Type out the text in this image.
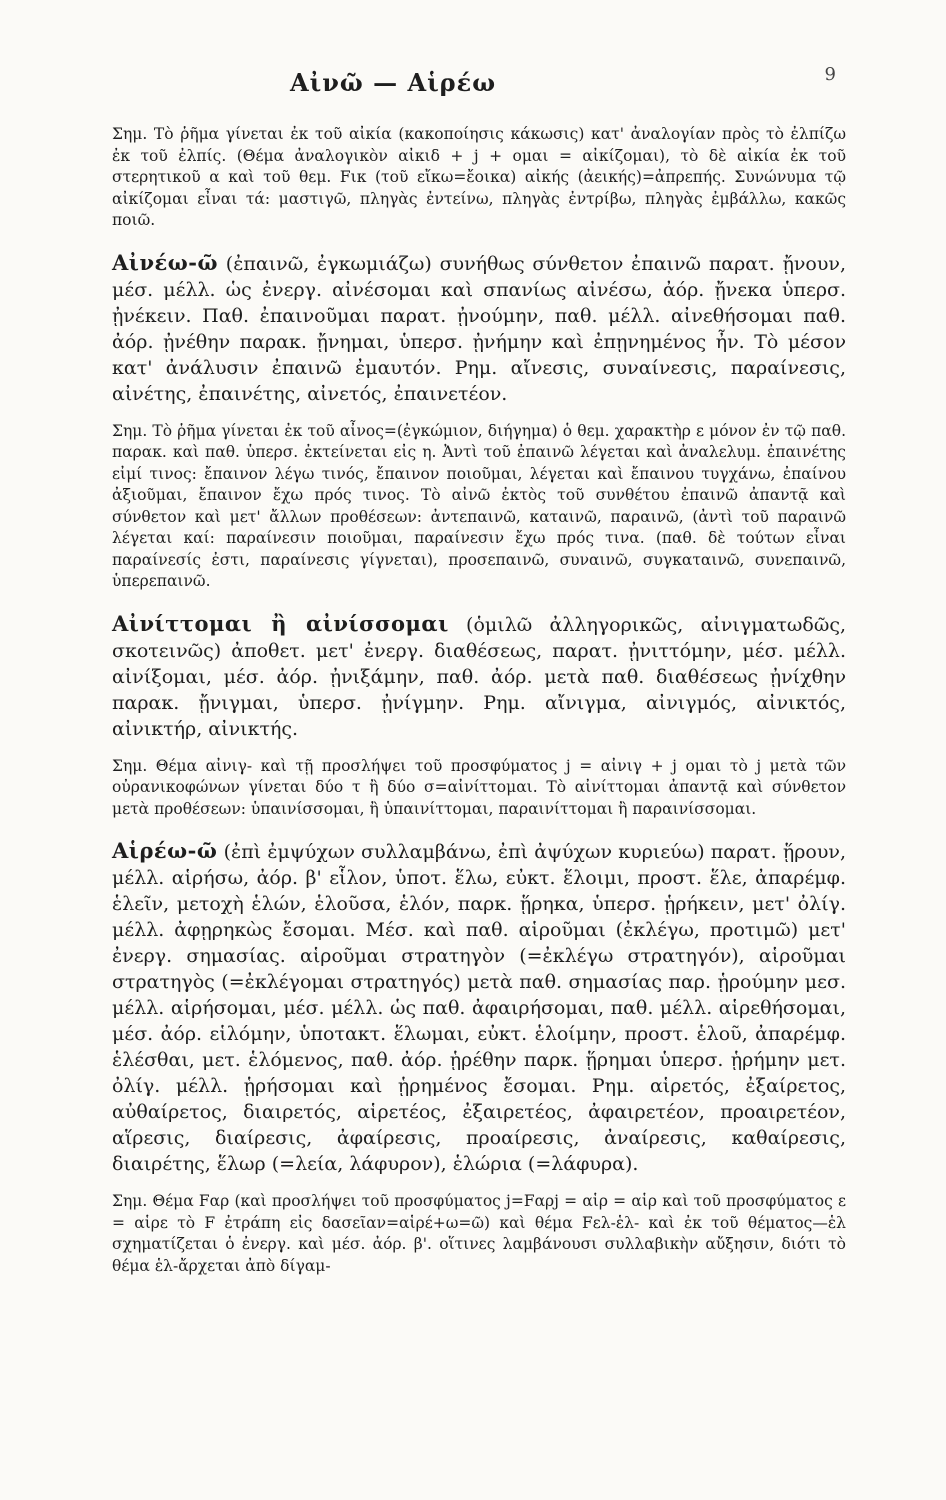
Αἰνῶ — Αἱρέω	9

Σημ. Τὸ ῥῆμα γίνεται ἐκ τοῦ αἰκία (κακοποίησις κάκωσις) κατ' ἀναλογίαν πρὸς τὸ ἐλπίζω ἐκ τοῦ ἐλπίς. (Θέμα ἀναλογικὸν αἰκιδ + j + ομαι = αἰκίζομαι), τὸ δὲ αἰκία ἐκ τοῦ στερητικοῦ α καὶ τοῦ θεμ. Fικ (τοῦ εἴκω=ἔοικα) αἰκής (ἀεικής)=ἀπρεπής. Συνώνυμα τῷ αἰκίζομαι εἶναι τά: μαστιγῶ, πληγὰς ἐντείνω, πληγὰς ἐντρίβω, πληγὰς ἐμβάλλω, κακῶς ποιῶ.

Αἰνέω-ῶ (ἐπαινῶ, ἐγκωμιάζω) συνήθως σύνθετον ἐπαινῶ παρατ. ᾔνουν, μέσ. μέλλ. ὡς ἐνεργ. αἰνέσομαι καὶ σπανίως αἰνέσω, ἀόρ. ᾔνεκα ὑπερσ. ᾐνέκειν. Παθ. ἐπαινοῦμαι παρατ. ᾐνούμην, παθ. μέλλ. αἰνεθήσομαι παθ. ἀόρ. ᾐνέθην παρακ. ᾔνημαι, ὑπερσ. ᾐνήμην καὶ ἐπῃνημένος ἦν. Τὸ μέσον κατ' ἀνάλυσιν ἐπαινῶ ἐμαυτόν. Ρημ. αἴνεσις, συναίνεσις, παραίνεσις, αἰνέτης, ἐπαινέτης, αἰνετός, ἐπαινετέον.

Σημ. Τὸ ῥῆμα γίνεται ἐκ τοῦ αἶνος=(ἐγκώμιον, διήγημα) ὁ θεμ. χαρακτὴρ ε μόνον ἐν τῷ παθ. παρακ. καὶ παθ. ὑπερσ. ἐκτείνεται εἰς η. Ἀντὶ τοῦ ἐπαινῶ λέγεται καὶ ἀναλελυμ. ἐπαινέτης εἰμί τινος: ἔπαινον λέγω τινός, ἔπαινον ποιοῦμαι, λέγεται καὶ ἔπαινου τυγχάνω, ἐπαίνου ἀξιοῦμαι, ἔπαινον ἔχω πρός τινος. Τὸ αἰνῶ ἐκτὸς τοῦ συνθέτου ἐπαινῶ ἀπαντᾷ καὶ σύνθετον καὶ μετ' ἄλλων προθέσεων: ἀντεπαινῶ, καταινῶ, παραινῶ, (ἀντὶ τοῦ παραινῶ λέγεται καί: παραίνεσιν ποιοῦμαι, παραίνεσιν ἔχω πρός τινα. (παθ. δὲ τούτων εἶναι παραίνεσίς ἐστι, παραίνεσις γίγνεται), προσεπαινῶ, συναινῶ, συγκαταινῶ, συνεπαινῶ, ὑπερεπαινῶ.

Αἰνίττομαι ἢ αἰνίσσομαι (ὁμιλῶ ἀλληγορικῶς, αἰνιγματωδῶς, σκοτεινῶς) ἀποθετ. μετ' ἐνεργ. διαθέσεως, παρατ. ᾐνιττόμην, μέσ. μέλλ. αἰνίξομαι, μέσ. ἀόρ. ᾐνιξάμην, παθ. ἀόρ. μετὰ παθ. διαθέσεως ᾐνίχθην παρακ. ᾔνιγμαι, ὑπερσ. ᾐνίγμην. Ρημ. αἴνιγμα, αἰνιγμός, αἰνικτός, αἰνικτήρ, αἰνικτής.

Σημ. Θέμα αἰνιγ- καὶ τῇ προσλήψει τοῦ προσφύματος j = αἰνιγ + j ομαι τὸ j μετὰ τῶν οὐρανικοφώνων γίνεται δύο τ ἢ δύο σ=αἰνίττομαι. Τὸ αἰνίττομαι ἀπαντᾷ καὶ σύνθετον μετὰ προθέσεων: ὑπαινίσσομαι, ἢ ὑπαινίττομαι, παραινίττομαι ἢ παραινίσσομαι.

Αἱρέω-ῶ (ἐπὶ ἐμψύχων συλλαμβάνω, ἐπὶ ἀψύχων κυριεύω) παρατ. ᾕρουν, μέλλ. αἱρήσω, ἀόρ. β' εἷλον, ὑποτ. ἕλω, εὐκτ. ἕλοιμι, προστ. ἕλε, ἀπαρέμφ. ἑλεῖν, μετοχὴ ἑλών, ἑλοῦσα, ἑλόν, παρκ. ᾕρηκα, ὑπερσ. ᾑρήκειν, μετ' ὀλίγ. μέλλ. ἀφῃρηκὼς ἔσομαι. Μέσ. καὶ παθ. αἱροῦμαι (ἐκλέγω, προτιμῶ) μετ' ἐνεργ. σημασίας. αἱροῦμαι στρατηγὸν (=ἐκλέγω στρατηγόν), αἱροῦμαι στρατηγὸς (=ἐκλέγομαι στρατηγός) μετὰ παθ. σημασίας παρ. ᾑρούμην μεσ. μέλλ. αἱρήσομαι, μέσ. μέλλ. ὡς παθ. ἀφαιρήσομαι, παθ. μέλλ. αἱρεθήσομαι, μέσ. ἀόρ. εἱλόμην, ὑποτακτ. ἕλωμαι, εὐκτ. ἑλοίμην, προστ. ἑλοῦ, ἀπαρέμφ. ἑλέσθαι, μετ. ἑλόμενος, παθ. ἀόρ. ᾑρέθην παρκ. ᾕρημαι ὑπερσ. ᾑρήμην μετ. ὀλίγ. μέλλ. ᾑρήσομαι καὶ ᾑρημένος ἔσομαι. Ρημ. αἱρετός, ἐξαίρετος, αὐθαίρετος, διαιρετός, αἱρετέος, ἐξαιρετέος, ἀφαιρετέον, προαιρετέον, αἵρεσις, διαίρεσις, ἀφαίρεσις, προαίρεσις, ἀναίρεσις, καθαίρεσις, διαιρέτης, ἕλωρ (=λεία, λάφυρον), ἑλώρια (=λάφυρα).

Σημ. Θέμα Fαρ (καὶ προσλήψει τοῦ προσφύματος j=Fαρj = αἱρ = αἱρ καὶ τοῦ προσφύματος ε = αἱρε τὸ F ἐτράπη εἰς δασεῖαν=αἱρέ+ω=ῶ) καὶ θέμα Fελ-ἑλ- καὶ ἐκ τοῦ θέματος—ἑλ σχηματίζεται ὁ ἐνεργ. καὶ μέσ. ἀόρ. β'. οἵτινες λαμβάνουσι συλλαβικὴν αὔξησιν, διότι τὸ θέμα ἑλ-ἄρχεται ἀπὸ δίγαμ-
